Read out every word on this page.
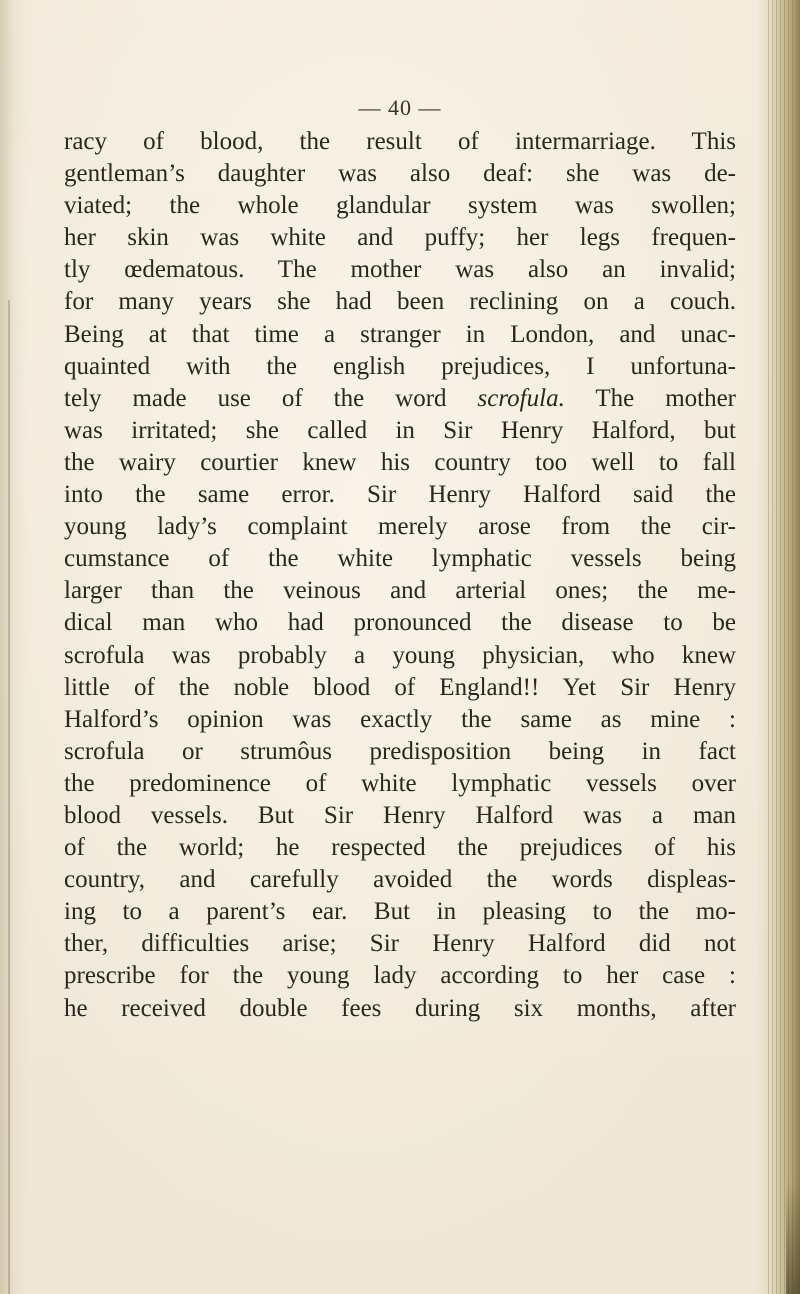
— 40 —
racy of blood, the result of intermarriage. This
gentleman’s daughter was also deaf: she was de-
viated; the whole glandular system was swollen;
her skin was white and puffy; her legs frequen-
tly œdematous. The mother was also an invalid;
for many years she had been reclining on a couch.
Being at that time a stranger in London, and unac-
quainted with the english prejudices, I unfortuna-
tely made use of the word scrofula. The mother
was irritated; she called in Sir Henry Halford, but
the wairy courtier knew his country too well to fall
into the same error. Sir Henry Halford said the
young lady’s complaint merely arose from the cir-
cumstance of the white lymphatic vessels being
larger than the veinous and arterial ones; the me-
dical man who had pronounced the disease to be
scrofula was probably a young physician, who knew
little of the noble blood of England!! Yet Sir Henry
Halford’s opinion was exactly the same as mine :
scrofula or strumôus predisposition being in fact
the predominence of white lymphatic vessels over
blood vessels. But Sir Henry Halford was a man
of the world; he respected the prejudices of his
country, and carefully avoided the words displeas-
ing to a parent’s ear. But in pleasing to the mo-
ther, difficulties arise; Sir Henry Halford did not
prescribe for the young lady according to her case :
he received double fees during six months, after
